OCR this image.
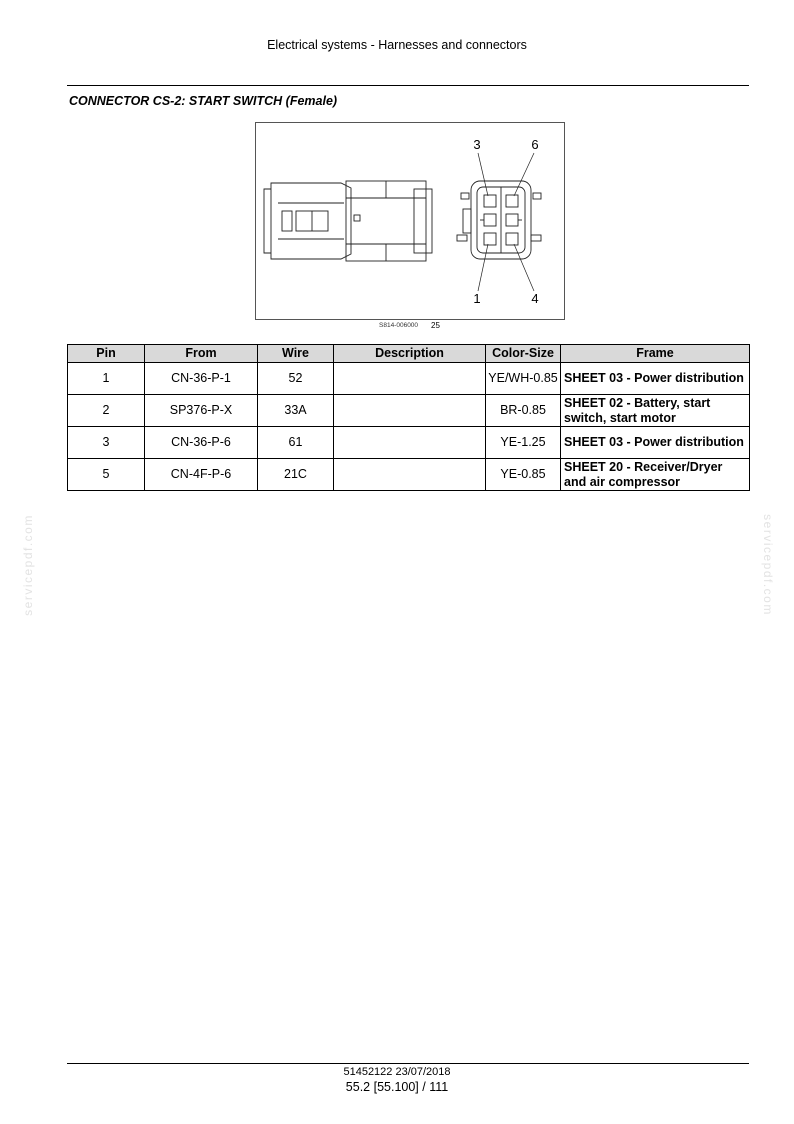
Electrical systems - Harnesses and connectors
CONNECTOR CS-2: START SWITCH (Female)
3	6
1	4
S814-006000 25
Pin	From	Wire	Description	Color-Size	Frame
1	CN-36-P-1	52		YE/WH-0.85	SHEET 03 - Power distribution
2	SP376-P-X	33A		BR-0.85	SHEET 02 - Battery, start switch, start motor
3	CN-36-P-6	61		YE-1.25	SHEET 03 - Power distribution
5	CN-4F-P-6	21C		YE-0.85	SHEET 20 - Receiver/Dryer and air compressor
servicepdf.com	servicepdf.com
51452122 23/07/2018
55.2 [55.100] / 111
